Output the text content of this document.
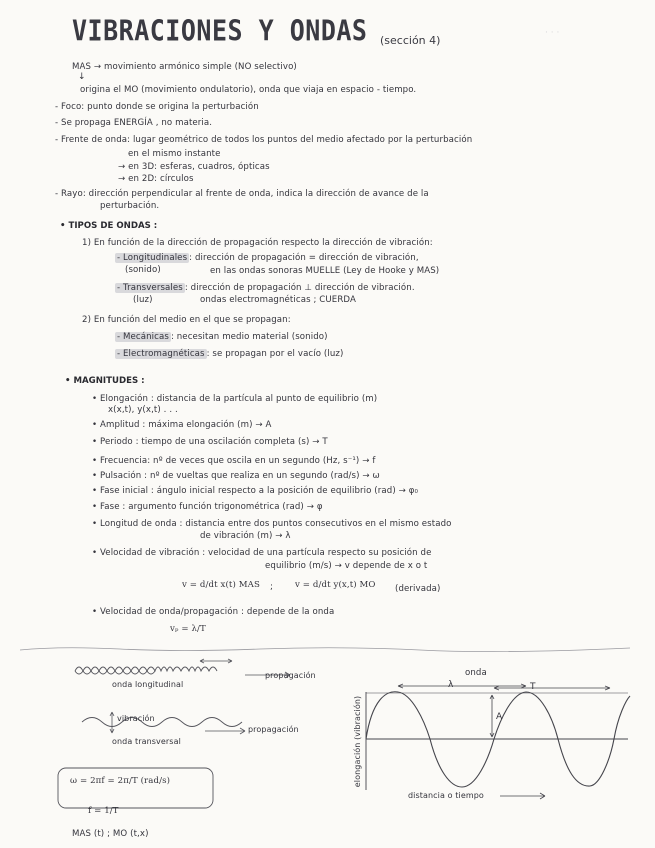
· · ·
VIBRACIONES Y ONDAS (sección 4)
MAS → movimiento armónico simple (NO selectivo)
↓
origina el MO (movimiento ondulatorio), onda que viaja en espacio - tiempo.
- Foco: punto donde se origina la perturbación
- Se propaga ENERGÍA , no materia.
- Frente de onda: lugar geométrico de todos los puntos del medio afectado por la perturbación
en el mismo instante
→ en 3D: esferas, cuadros, ópticas
→ en 2D: círculos
- Rayo: dirección perpendicular al frente de onda, indica la dirección de avance de la
perturbación.
• TIPOS DE ONDAS :
1) En función de la dirección de propagación respecto la dirección de vibración:
- Longitudinales : dirección de propagación = dirección de vibración,
(sonido)	en las ondas sonoras MUELLE (Ley de Hooke y MAS)
- Transversales : dirección de propagación ⊥ dirección de vibración.
(luz)	ondas electromagnéticas ; CUERDA
2) En función del medio en el que se propagan:
- Mecánicas : necesitan medio material (sonido)
- Electromagnéticas : se propagan por el vacío (luz)
• MAGNITUDES :
• Elongación : distancia de la partícula al punto de equilibrio (m)
x(x,t), y(x,t) . . .
• Amplitud : máxima elongación (m) → A
• Periodo : tiempo de una oscilación completa (s) → T
• Frecuencia: nº de veces que oscila en un segundo (Hz, s⁻¹) → f
• Pulsación : nº de vueltas que realiza en un segundo (rad/s) → ω
• Fase inicial : ángulo inicial respecto a la posición de equilibrio (rad) → φ₀
• Fase : argumento función trigonométrica (rad) → φ
• Longitud de onda : distancia entre dos puntos consecutivos en el mismo estado
de vibración (m) → λ
• Velocidad de vibración : velocidad de una partícula respecto su posición de
equilibrio (m/s) → v depende de x o t
v = d/dt x(t) MAS ;	v = d/dt y(x,t) MO (derivada)
• Velocidad de onda/propagación : depende de la onda
vₚ = λ/T
onda longitudinal
propagación
vibración
onda transversal
propagación
onda
λ	T
A
elongación (vibración)
distancia o tiempo
ω = 2πf = 2π/T (rad/s)
f = 1/T
MAS (t) ; MO (t,x)
